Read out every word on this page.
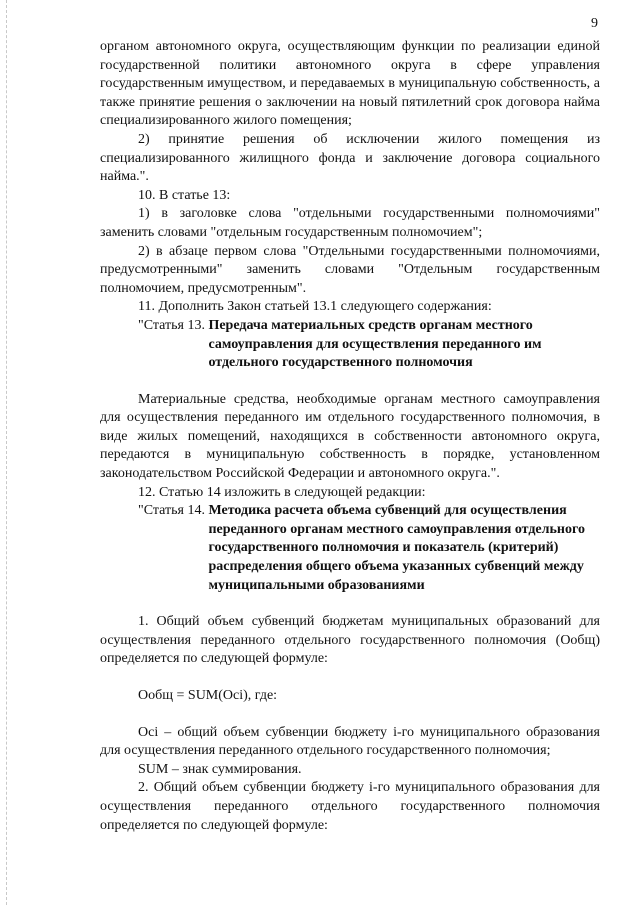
9

органом автономного округа, осуществляющим функции по реализации единой государственной политики автономного округа в сфере управления государственным имуществом, и передаваемых в муниципальную собственность, а также принятие решения о заключении на новый пятилетний срок договора найма специализированного жилого помещения;

2) принятие решения об исключении жилого помещения из специализированного жилищного фонда и заключение договора социального найма.".

10. В статье 13:

1) в заголовке слова "отдельными государственными полномочиями" заменить словами "отдельным государственным полномочием";

2) в абзаце первом слова "Отдельными государственными полномочиями, предусмотренными" заменить словами "Отдельным государственным полномочием, предусмотренным".

11. Дополнить Закон статьей 13.1 следующего содержания:

"Статья 13. Передача материальных средств органам местного самоуправления для осуществления переданного им отдельного государственного полномочия

Материальные средства, необходимые органам местного самоуправления для осуществления переданного им отдельного государственного полномочия, в виде жилых помещений, находящихся в собственности автономного округа, передаются в муниципальную собственность в порядке, установленном законодательством Российской Федерации и автономного округа.".

12. Статью 14 изложить в следующей редакции:

"Статья 14. Методика расчета объема субвенций для осуществления переданного органам местного самоуправления отдельного государственного полномочия и показатель (критерий) распределения общего объема указанных субвенций между муниципальными образованиями

1. Общий объем субвенций бюджетам муниципальных образований для осуществления переданного отдельного государственного полномочия (Ообщ) определяется по следующей формуле:

Ообщ = SUM(Оci), где:

Оci – общий объем субвенции бюджету i-го муниципального образования для осуществления переданного отдельного государственного полномочия;

SUM – знак суммирования.

2. Общий объем субвенции бюджету i-го муниципального образования для осуществления переданного отдельного государственного полномочия определяется по следующей формуле:
